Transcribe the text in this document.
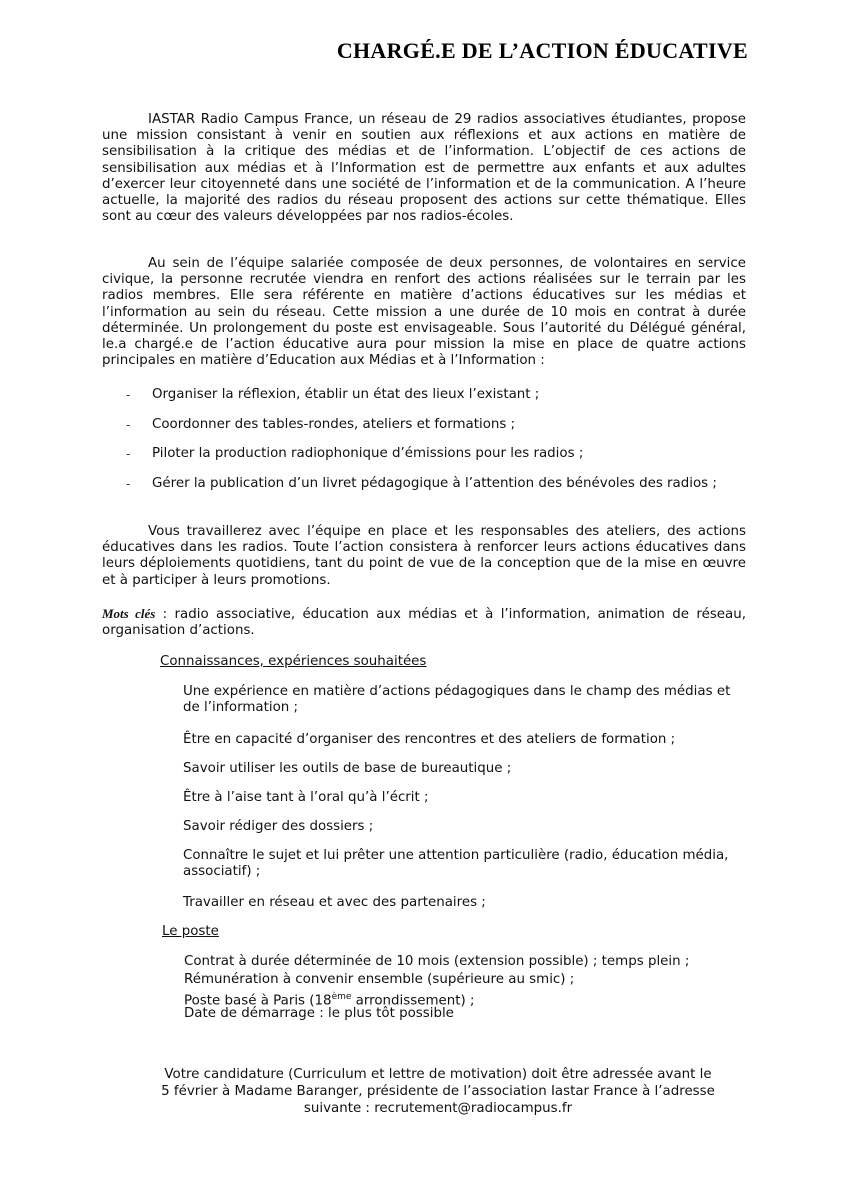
CHARGÉ.E DE L’ACTION ÉDUCATIVE

IASTAR Radio Campus France, un réseau de 29 radios associatives étudiantes, propose une mission consistant à venir en soutien aux réflexions et aux actions en matière de sensibilisation à la critique des médias et de l’information. L’objectif de ces actions de sensibilisation aux médias et à l’Information est de permettre aux enfants et aux adultes d’exercer leur citoyenneté dans une société de l’information et de la communication. A l’heure actuelle, la majorité des radios du réseau proposent des actions sur cette thématique. Elles sont au cœur des valeurs développées par nos radios-écoles.

Au sein de l’équipe salariée composée de deux personnes, de volontaires en service civique, la personne recrutée viendra en renfort des actions réalisées sur le terrain par les radios membres. Elle sera référente en matière d’actions éducatives sur les médias et l’information au sein du réseau. Cette mission a une durée de 10 mois en contrat à durée déterminée. Un prolongement du poste est envisageable. Sous l’autorité du Délégué général, le.a chargé.e de l’action éducative aura pour mission la mise en place de quatre actions principales en matière d’Education aux Médias et à l’Information :

-	Organiser la réflexion, établir un état des lieux l’existant ;
-	Coordonner des tables-rondes, ateliers et formations ;
-	Piloter la production radiophonique d’émissions pour les radios ;
-	Gérer la publication d’un livret pédagogique à l’attention des bénévoles des radios ;

Vous travaillerez avec l’équipe en place et les responsables des ateliers, des actions éducatives dans les radios. Toute l’action consistera à renforcer leurs actions éducatives dans leurs déploiements quotidiens, tant du point de vue de la conception que de la mise en œuvre et à participer à leurs promotions.

Mots clés : radio associative, éducation aux médias et à l’information, animation de réseau, organisation d’actions.

Connaissances, expériences souhaitées
Une expérience en matière d’actions pédagogiques dans le champ des médias et de l’information ;
Être en capacité d’organiser des rencontres et des ateliers de formation ;
Savoir utiliser les outils de base de bureautique ;
Être à l’aise tant à l’oral qu’à l’écrit ;
Savoir rédiger des dossiers ;
Connaître le sujet et lui prêter une attention particulière (radio, éducation média, associatif) ;
Travailler en réseau et avec des partenaires ;
Le poste
Contrat à durée déterminée de 10 mois (extension possible) ; temps plein ;
Rémunération à convenir ensemble (supérieure au smic) ;
Poste basé à Paris (18ème arrondissement) ;
Date de démarrage : le plus tôt possible
Votre candidature (Curriculum et lettre de motivation) doit être adressée avant le
5 février à Madame Baranger, présidente de l’association Iastar France à l’adresse
suivante : recrutement@radiocampus.fr
